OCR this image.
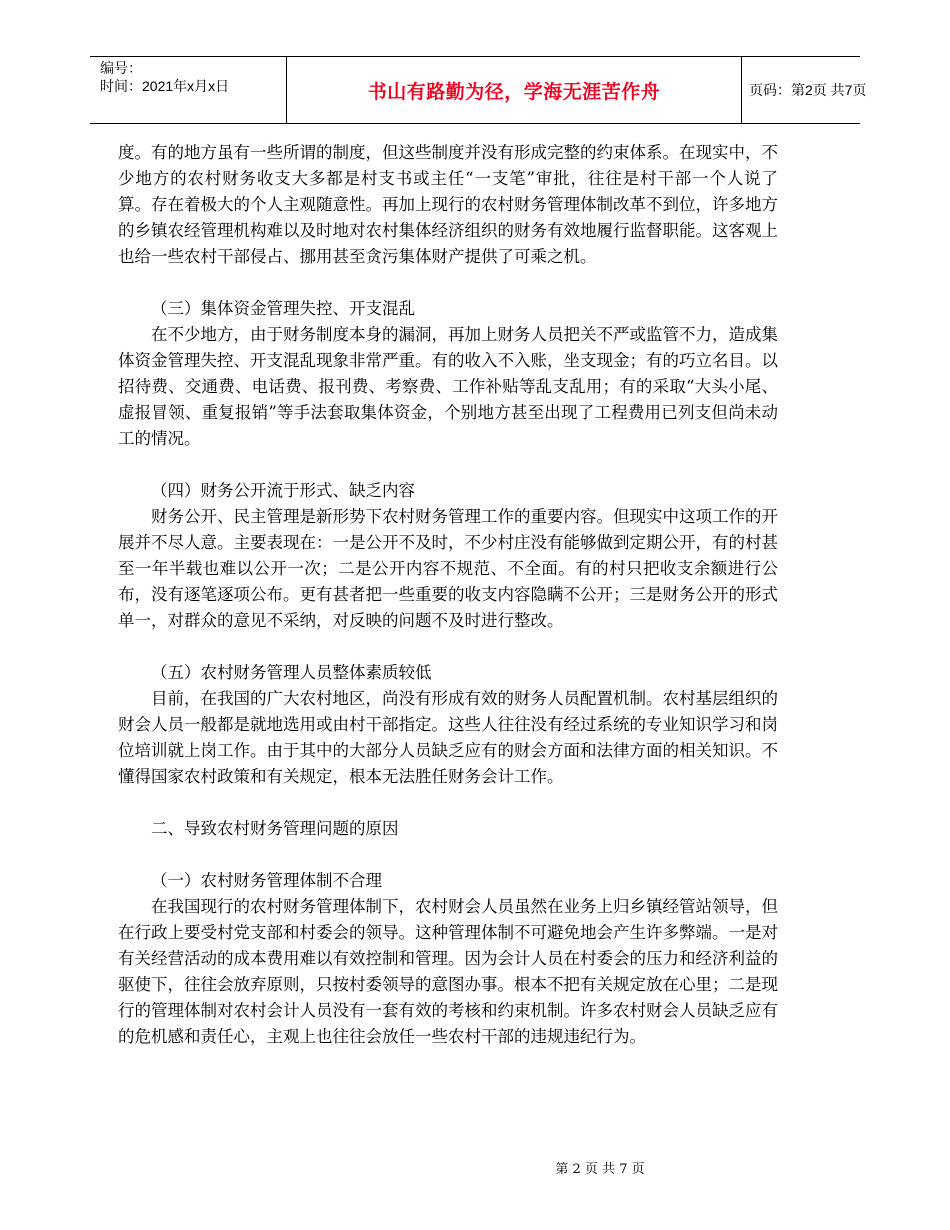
编号：
时间：2021年x月x日	书山有路勤为径，学海无涯苦作舟	页码：第2页 共7页

度。有的地方虽有一些所谓的制度，但这些制度并没有形成完整的约束体系。在现实中，不少地方的农村财务收支大多都是村支书或主任“一支笔”审批，往往是村干部一个人说了算。存在着极大的个人主观随意性。再加上现行的农村财务管理体制改革不到位，许多地方的乡镇农经管理机构难以及时地对农村集体经济组织的财务有效地履行监督职能。这客观上也给一些农村干部侵占、挪用甚至贪污集体财产提供了可乘之机。

（三）集体资金管理失控、开支混乱

在不少地方，由于财务制度本身的漏洞，再加上财务人员把关不严或监管不力，造成集体资金管理失控、开支混乱现象非常严重。有的收入不入账，坐支现金；有的巧立名目。以招待费、交通费、电话费、报刊费、考察费、工作补贴等乱支乱用；有的采取“大头小尾、虚报冒领、重复报销”等手法套取集体资金，个别地方甚至出现了工程费用已列支但尚未动工的情况。

（四）财务公开流于形式、缺乏内容

财务公开、民主管理是新形势下农村财务管理工作的重要内容。但现实中这项工作的开展并不尽人意。主要表现在：一是公开不及时，不少村庄没有能够做到定期公开，有的村甚至一年半载也难以公开一次；二是公开内容不规范、不全面。有的村只把收支余额进行公布，没有逐笔逐项公布。更有甚者把一些重要的收支内容隐瞒不公开；三是财务公开的形式单一，对群众的意见不采纳，对反映的问题不及时进行整改。

（五）农村财务管理人员整体素质较低

目前，在我国的广大农村地区，尚没有形成有效的财务人员配置机制。农村基层组织的财会人员一般都是就地选用或由村干部指定。这些人往往没有经过系统的专业知识学习和岗位培训就上岗工作。由于其中的大部分人员缺乏应有的财会方面和法律方面的相关知识。不懂得国家农村政策和有关规定，根本无法胜任财务会计工作。

二、导致农村财务管理问题的原因

（一）农村财务管理体制不合理

在我国现行的农村财务管理体制下，农村财会人员虽然在业务上归乡镇经管站领导，但在行政上要受村党支部和村委会的领导。这种管理体制不可避免地会产生许多弊端。一是对有关经营活动的成本费用难以有效控制和管理。因为会计人员在村委会的压力和经济利益的驱使下，往往会放弃原则，只按村委领导的意图办事。根本不把有关规定放在心里；二是现行的管理体制对农村会计人员没有一套有效的考核和约束机制。许多农村财会人员缺乏应有的危机感和责任心，主观上也往往会放任一些农村干部的违规违纪行为。

第 2 页 共 7 页
